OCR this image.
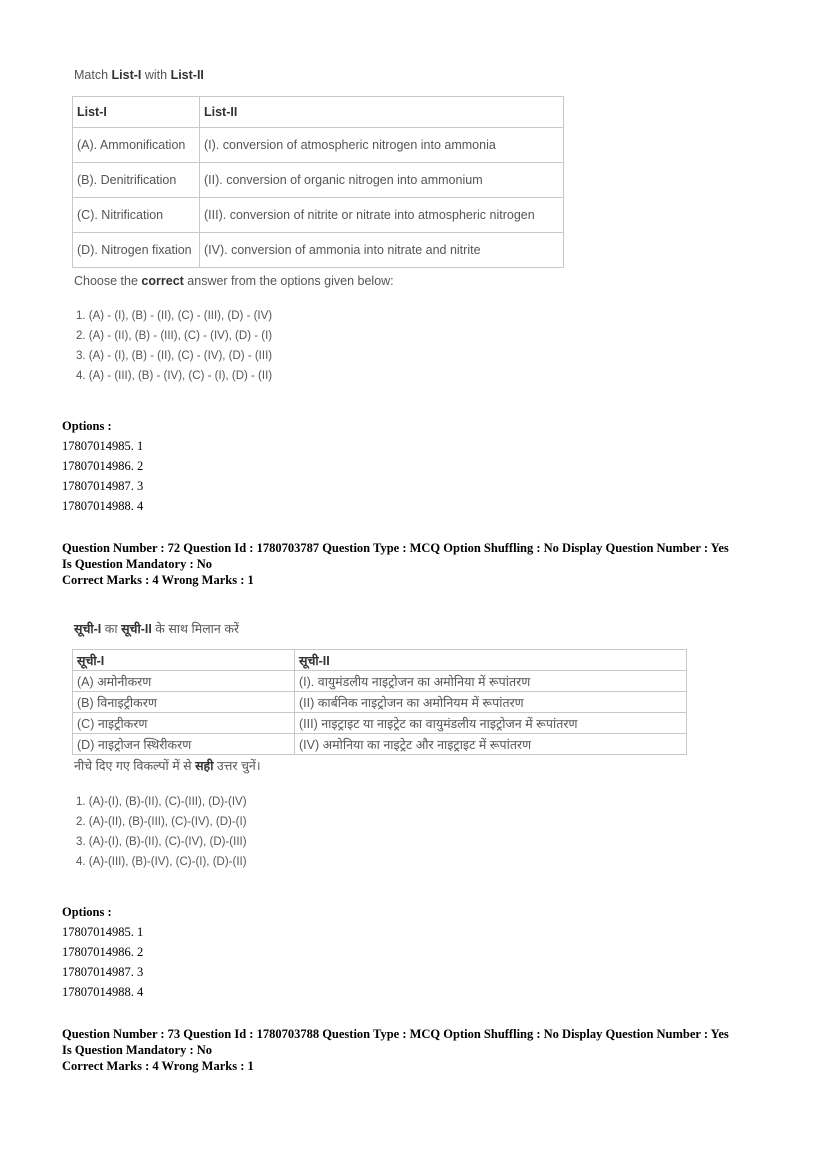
Match List-I with List-II
List-I	List-II
(A). Ammonification	(I). conversion of atmospheric nitrogen into ammonia
(B). Denitrification	(II). conversion of organic nitrogen into ammonium
(C). Nitrification	(III). conversion of nitrite or nitrate into atmospheric nitrogen
(D). Nitrogen fixation	(IV). conversion of ammonia into nitrate and nitrite
Choose the correct answer from the options given below:
1. (A) - (I), (B) - (II), (C) - (III), (D) - (IV)
2. (A) - (II), (B) - (III), (C) - (IV), (D) - (I)
3. (A) - (I), (B) - (II), (C) - (IV), (D) - (III)
4. (A) - (III), (B) - (IV), (C) - (I), (D) - (II)
Options :
17807014985. 1
17807014986. 2
17807014987. 3
17807014988. 4
Question Number : 72 Question Id : 1780703787 Question Type : MCQ Option Shuffling : No Display Question Number : Yes
Is Question Mandatory : No
Correct Marks : 4 Wrong Marks : 1
सूची-I का सूची-II के साथ मिलान करें
सूची-I	सूची-II
(A) अमोनीकरण	(I). वायुमंडलीय नाइट्रोजन का अमोनिया में रूपांतरण
(B) विनाइट्रीकरण	(II) कार्बनिक नाइट्रोजन का अमोनियम में रूपांतरण
(C) नाइट्रीकरण	(III) नाइट्राइट या नाइट्रेट का वायुमंडलीय नाइट्रोजन में रूपांतरण
(D) नाइट्रोजन स्थिरीकरण	(IV) अमोनिया का नाइट्रेट और नाइट्राइट में रूपांतरण
नीचे दिए गए विकल्पों में से सही उत्तर चुनें।
1. (A)-(I), (B)-(II), (C)-(III), (D)-(IV)
2. (A)-(II), (B)-(III), (C)-(IV), (D)-(I)
3. (A)-(I), (B)-(II), (C)-(IV), (D)-(III)
4. (A)-(III), (B)-(IV), (C)-(I), (D)-(II)
Options :
17807014985. 1
17807014986. 2
17807014987. 3
17807014988. 4
Question Number : 73 Question Id : 1780703788 Question Type : MCQ Option Shuffling : No Display Question Number : Yes
Is Question Mandatory : No
Correct Marks : 4 Wrong Marks : 1
